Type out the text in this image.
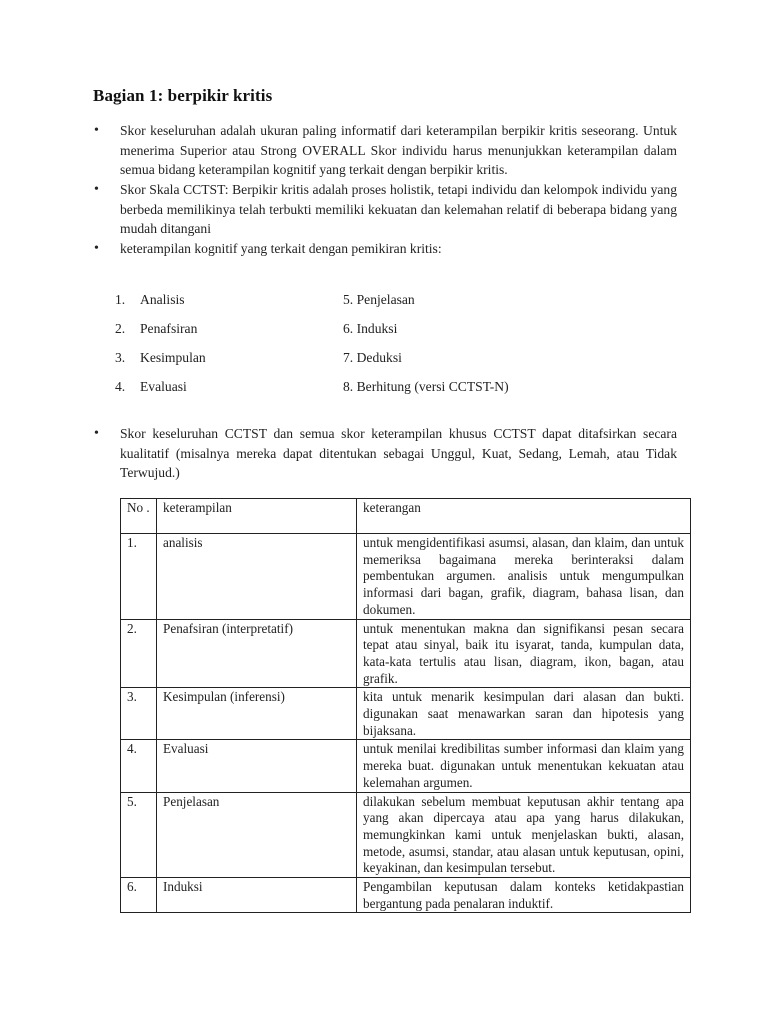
Bagian 1: berpikir kritis
• Skor keseluruhan adalah ukuran paling informatif dari keterampilan berpikir kritis seseorang. Untuk menerima Superior atau Strong OVERALL Skor individu harus menunjukkan keterampilan dalam semua bidang keterampilan kognitif yang terkait dengan berpikir kritis.
• Skor Skala CCTST: Berpikir kritis adalah proses holistik, tetapi individu dan kelompok individu yang berbeda memilikinya telah terbukti memiliki kekuatan dan kelemahan relatif di beberapa bidang yang mudah ditangani
• keterampilan kognitif yang terkait dengan pemikiran kritis:
1. Analisis	5. Penjelasan
2. Penafsiran	6. Induksi
3. Kesimpulan	7. Deduksi
4. Evaluasi	8. Berhitung (versi CCTST-N)
• Skor keseluruhan CCTST dan semua skor keterampilan khusus CCTST dapat ditafsirkan secara kualitatif (misalnya mereka dapat ditentukan sebagai Unggul, Kuat, Sedang, Lemah, atau Tidak Terwujud.)
No .	keterampilan	keterangan
1.	analisis	untuk mengidentifikasi asumsi, alasan, dan klaim, dan untuk memeriksa bagaimana mereka berinteraksi dalam pembentukan argumen. analisis untuk mengumpulkan informasi dari bagan, grafik, diagram, bahasa lisan, dan dokumen.
2.	Penafsiran (interpretatif)	untuk menentukan makna dan signifikansi pesan secara tepat atau sinyal, baik itu isyarat, tanda, kumpulan data, kata-kata tertulis atau lisan, diagram, ikon, bagan, atau grafik.
3.	Kesimpulan (inferensi)	kita untuk menarik kesimpulan dari alasan dan bukti. digunakan saat menawarkan saran dan hipotesis yang bijaksana.
4.	Evaluasi	untuk menilai kredibilitas sumber informasi dan klaim yang mereka buat. digunakan untuk menentukan kekuatan atau kelemahan argumen.
5.	Penjelasan	dilakukan sebelum membuat keputusan akhir tentang apa yang akan dipercaya atau apa yang harus dilakukan, memungkinkan kami untuk menjelaskan bukti, alasan, metode, asumsi, standar, atau alasan untuk keputusan, opini, keyakinan, dan kesimpulan tersebut.
6.	Induksi	Pengambilan keputusan dalam konteks ketidakpastian bergantung pada penalaran induktif.
